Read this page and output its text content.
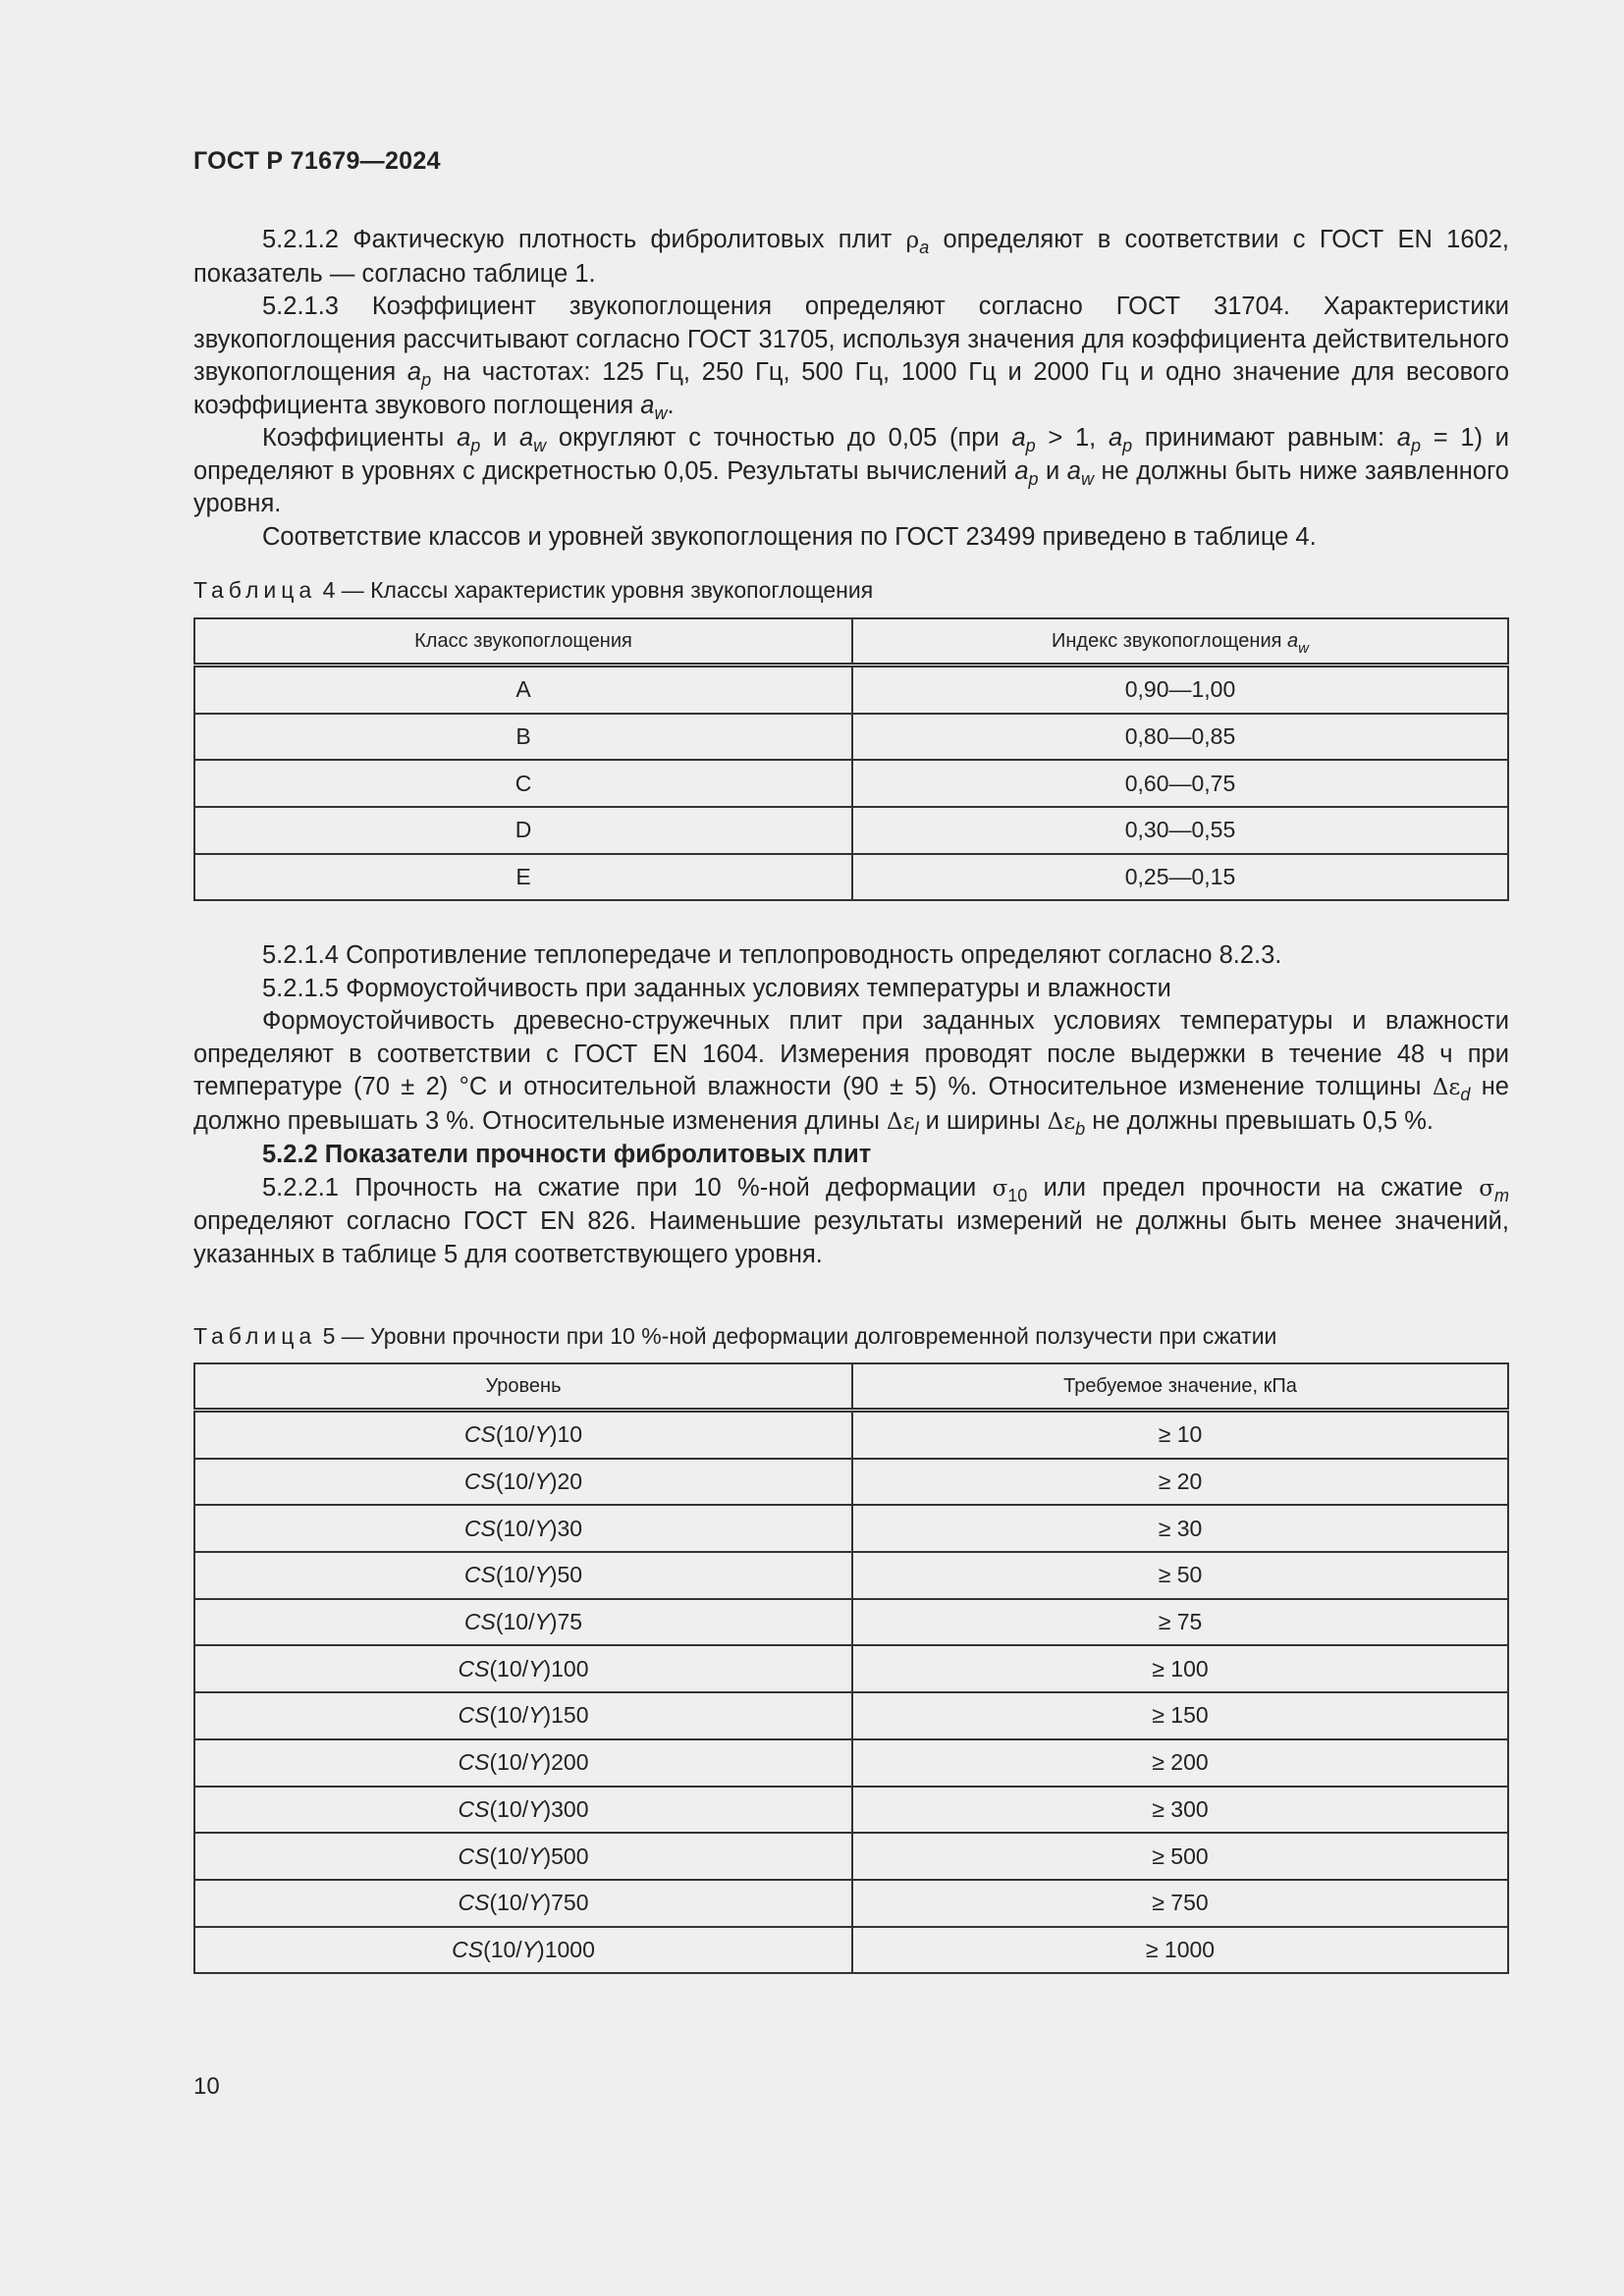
ГОСТ Р 71679—2024

5.2.1.2 Фактическую плотность фибролитовых плит $\rho_a$ определяют в соответствии с ГОСТ EN 1602, показатель — согласно таблице 1.

5.2.1.3 Коэффициент звукопоглощения определяют согласно ГОСТ 31704. Характеристики звукопоглощения рассчитывают согласно ГОСТ 31705, используя значения для коэффициента действительного звукопоглощения $a_p$ на частотах: 125 Гц, 250 Гц, 500 Гц, 1000 Гц и 2000 Гц и одно значение для весового коэффициента звукового поглощения $a_w$.

Коэффициенты $a_p$ и $a_w$ округляют с точностью до 0,05 (при $a_p > 1$, $a_p$ принимают равным: $a_p = 1$) и определяют в уровнях с дискретностью 0,05. Результаты вычислений $a_p$ и $a_w$ не должны быть ниже заявленного уровня.

Соответствие классов и уровней звукопоглощения по ГОСТ 23499 приведено в таблице 4.

Таблица 4 — Классы характеристик уровня звукопоглощения
Класс звукопоглощения	Индекс звукопоглощения $a_w$
A	0,90—1,00
B	0,80—0,85
C	0,60—0,75
D	0,30—0,55
E	0,25—0,15

5.2.1.4 Сопротивление теплопередаче и теплопроводность определяют согласно 8.2.3.

5.2.1.5 Формоустойчивость при заданных условиях температуры и влажности

Формоустойчивость древесно-стружечных плит при заданных условиях температуры и влажности определяют в соответствии с ГОСТ EN 1604. Измерения проводят после выдержки в течение 48 ч при температуре (70 ± 2) °C и относительной влажности (90 ± 5) %. Относительное изменение толщины $\Delta\varepsilon_d$ не должно превышать 3 %. Относительные изменения длины $\Delta\varepsilon_l$ и ширины $\Delta\varepsilon_b$ не должны превышать 0,5 %.

5.2.2 Показатели прочности фибролитовых плит

5.2.2.1 Прочность на сжатие при 10 %-ной деформации $\sigma_{10}$ или предел прочности на сжатие $\sigma_m$ определяют согласно ГОСТ EN 826. Наименьшие результаты измерений не должны быть менее значений, указанных в таблице 5 для соответствующего уровня.

Таблица 5 — Уровни прочности при 10 %-ной деформации долговременной ползучести при сжатии
Уровень	Требуемое значение, кПа
CS(10/Y)10	≥ 10
CS(10/Y)20	≥ 20
CS(10/Y)30	≥ 30
CS(10/Y)50	≥ 50
CS(10/Y)75	≥ 75
CS(10/Y)100	≥ 100
CS(10/Y)150	≥ 150
CS(10/Y)200	≥ 200
CS(10/Y)300	≥ 300
CS(10/Y)500	≥ 500
CS(10/Y)750	≥ 750
CS(10/Y)1000	≥ 1000
10
